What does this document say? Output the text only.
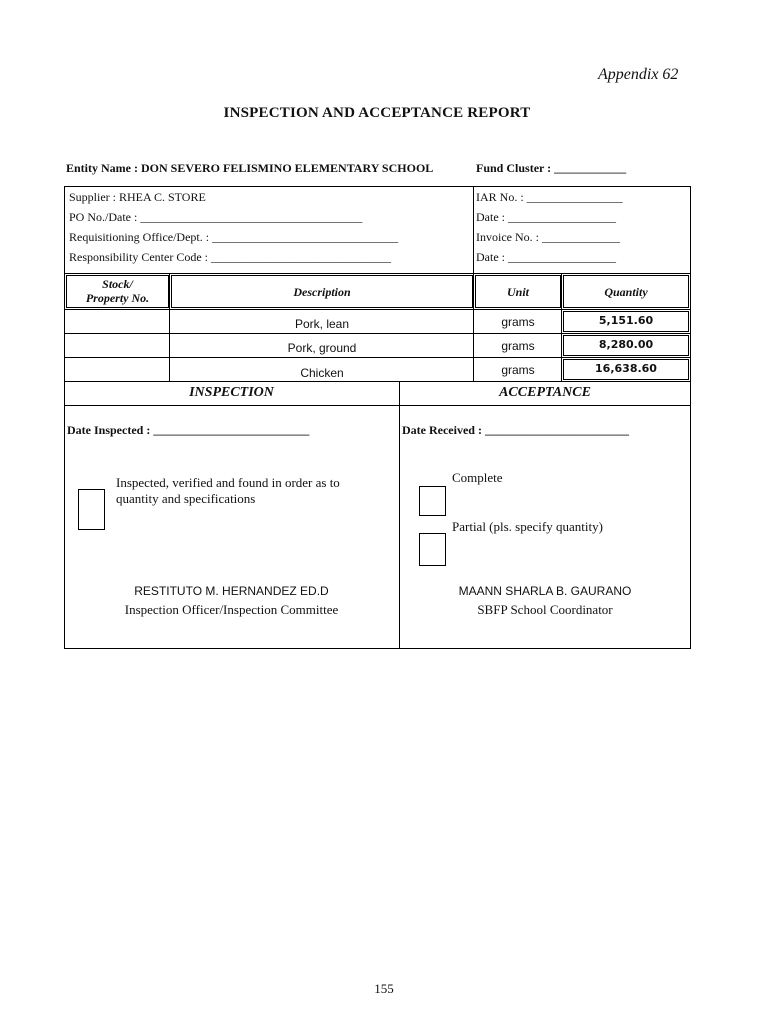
Appendix 62
INSPECTION AND ACCEPTANCE REPORT
Entity Name : DON SEVERO FELISMINO ELEMENTARY SCHOOL	Fund Cluster : ____________
Supplier : RHEA C. STORE
PO No./Date : _____________________________________
Requisitioning Office/Dept. : _______________________________
Responsibility Center Code : ______________________________
IAR No. : ________________
Date : __________________
Invoice No. : _____________
Date : __________________
Stock/
Property No.	Description	Unit	Quantity
Pork, lean	grams	5,151.60
Pork, ground	grams	8,280.00
Chicken	grams	16,638.60
INSPECTION	ACCEPTANCE
Date Inspected : __________________________	Date Received : ________________________
Inspected, verified and found in order as to
quantity and specifications
Complete
Partial (pls. specify quantity)
RESTITUTO M. HERNANDEZ ED.D
Inspection Officer/Inspection Committee
MAANN SHARLA B. GAURANO
SBFP School Coordinator
155
